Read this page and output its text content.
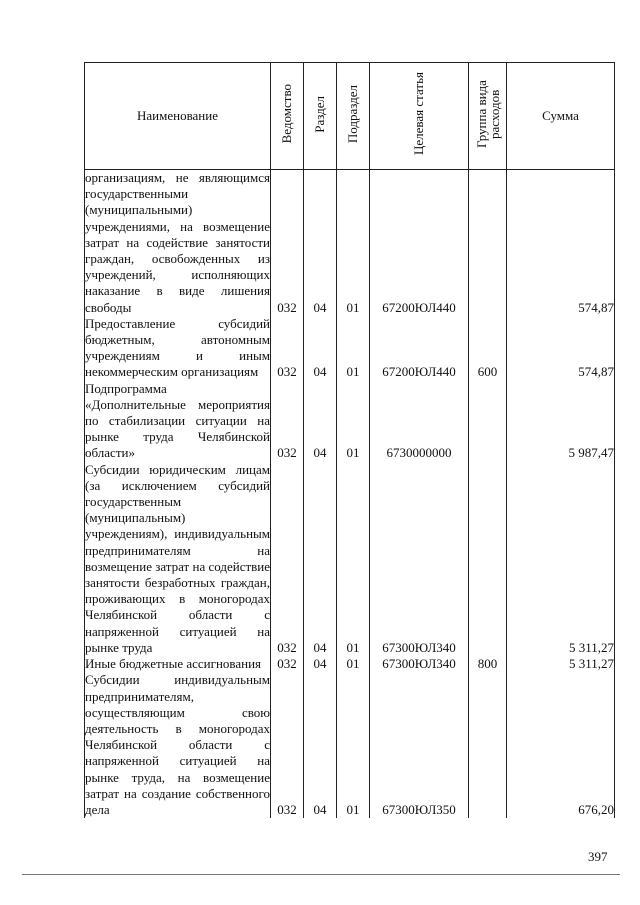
Наименование	Ведомство	Раздел	Подраздел	Целевая статья	Группа вида расходов	Сумма
организациям, не являющимся государственными (муниципальными) учреждениями, на возмещение затрат на содействие занятости граждан, освобожденных из учреждений, исполняющих наказание в виде лишения свободы	032	04	01	67200ЮЛ440		574,87
Предоставление субсидий бюджетным, автономным учреждениям и иным некоммерческим организациям	032	04	01	67200ЮЛ440	600	574,87
Подпрограмма «Дополнительные мероприятия по стабилизации ситуации на рынке труда Челябинской области»	032	04	01	6730000000		5 987,47
Субсидии юридическим лицам (за исключением субсидий государственным (муниципальным) учреждениям), индивидуальным предпринимателям на возмещение затрат на содействие занятости безработных граждан, проживающих в моногородах Челябинской области с напряженной ситуацией на рынке труда	032	04	01	67300ЮЛ340		5 311,27
Иные бюджетные ассигнования	032	04	01	67300ЮЛ340	800	5 311,27
Субсидии индивидуальным предпринимателям, осуществляющим свою деятельность в моногородах Челябинской области с напряженной ситуацией на рынке труда, на возмещение затрат на создание собственного дела	032	04	01	67300ЮЛ350		676,20
397
